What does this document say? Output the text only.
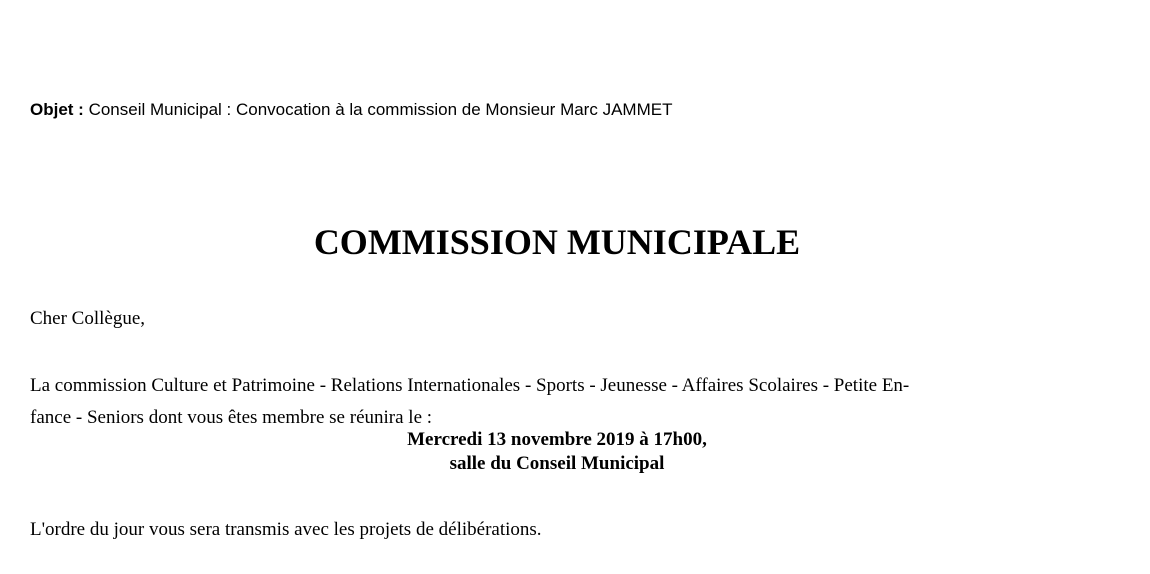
Objet : Conseil Municipal : Convocation à la commission de Monsieur Marc JAMMET
COMMISSION MUNICIPALE
Cher Collègue,
La commission Culture et Patrimoine - Relations Internationales - Sports - Jeunesse - Affaires Scolaires - Petite En-
fance - Seniors dont vous êtes membre se réunira le :
Mercredi 13 novembre 2019 à 17h00,
salle du Conseil Municipal
L'ordre du jour vous sera transmis avec les projets de délibérations.
